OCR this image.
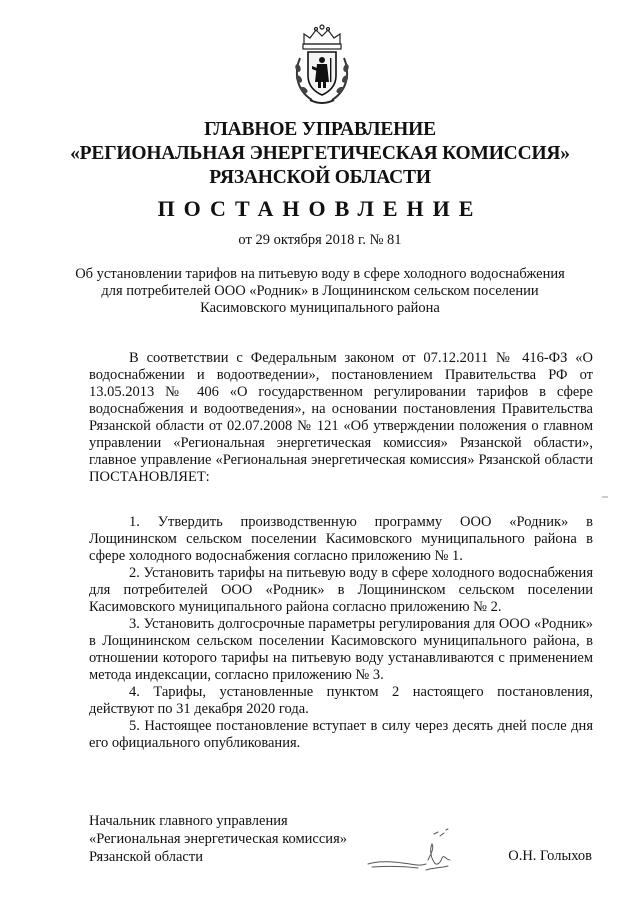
ГЛАВНОЕ УПРАВЛЕНИЕ
«РЕГИОНАЛЬНАЯ ЭНЕРГЕТИЧЕСКАЯ КОМИССИЯ»
РЯЗАНСКОЙ ОБЛАСТИ
ПОСТАНОВЛЕНИЕ
от 29 октября 2018 г. № 81
Об установлении тарифов на питьевую воду в сфере холодного водоснабжения для потребителей ООО «Родник» в Лощининском сельском поселении Касимовского муниципального района

В соответствии с Федеральным законом от 07.12.2011 № 416-ФЗ «О водоснабжении и водоотведении», постановлением Правительства РФ от 13.05.2013 № 406 «О государственном регулировании тарифов в сфере водоснабжения и водоотведения», на основании постановления Правительства Рязанской области от 02.07.2008 № 121 «Об утверждении положения о главном управлении «Региональная энергетическая комиссия» Рязанской области», главное управление «Региональная энергетическая комиссия» Рязанской области ПОСТАНОВЛЯЕТ:

1. Утвердить производственную программу ООО «Родник» в Лощининском сельском поселении Касимовского муниципального района в сфере холодного водоснабжения согласно приложению № 1.

2. Установить тарифы на питьевую воду в сфере холодного водоснабжения для потребителей ООО «Родник» в Лощининском сельском поселении Касимовского муниципального района согласно приложению № 2.

3. Установить долгосрочные параметры регулирования для ООО «Родник» в Лощининском сельском поселении Касимовского муниципального района, в отношении которого тарифы на питьевую воду устанавливаются с применением метода индексации, согласно приложению № 3.

4. Тарифы, установленные пунктом 2 настоящего постановления, действуют по 31 декабря 2020 года.

5. Настоящее постановление вступает в силу через десять дней после дня его официального опубликования.

Начальник главного управления
«Региональная энергетическая комиссия»
Рязанской области	О.Н. Голыхов
